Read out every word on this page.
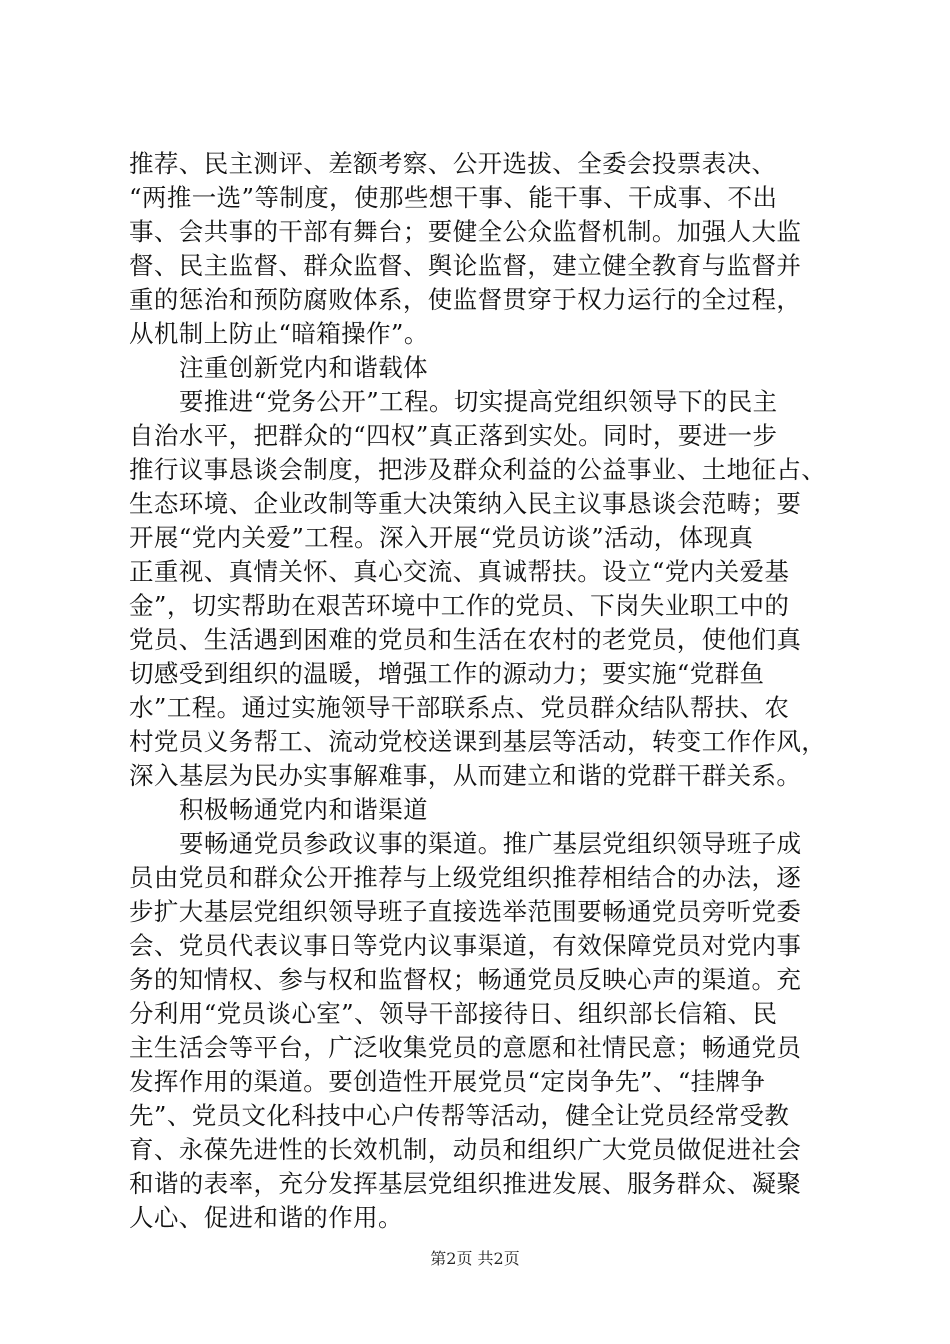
推荐、民主测评、差额考察、公开选拔、全委会投票表决、
“两推一选”等制度，使那些想干事、能干事、干成事、不出
事、会共事的干部有舞台；要健全公众监督机制。加强人大监
督、民主监督、群众监督、舆论监督，建立健全教育与监督并
重的惩治和预防腐败体系，使监督贯穿于权力运行的全过程，
从机制上防止“暗箱操作”。
注重创新党内和谐载体
要推进“党务公开”工程。切实提高党组织领导下的民主
自治水平，把群众的“四权”真正落到实处。同时，要进一步
推行议事恳谈会制度，把涉及群众利益的公益事业、土地征占、
生态环境、企业改制等重大决策纳入民主议事恳谈会范畴；要
开展“党内关爱”工程。深入开展“党员访谈”活动，体现真
正重视、真情关怀、真心交流、真诚帮扶。设立“党内关爱基
金”，切实帮助在艰苦环境中工作的党员、下岗失业职工中的
党员、生活遇到困难的党员和生活在农村的老党员，使他们真
切感受到组织的温暖，增强工作的源动力；要实施“党群鱼
水”工程。通过实施领导干部联系点、党员群众结队帮扶、农
村党员义务帮工、流动党校送课到基层等活动，转变工作作风，
深入基层为民办实事解难事，从而建立和谐的党群干群关系。
积极畅通党内和谐渠道
要畅通党员参政议事的渠道。推广基层党组织领导班子成
员由党员和群众公开推荐与上级党组织推荐相结合的办法，逐
步扩大基层党组织领导班子直接选举范围要畅通党员旁听党委
会、党员代表议事日等党内议事渠道，有效保障党员对党内事
务的知情权、参与权和监督权；畅通党员反映心声的渠道。充
分利用“党员谈心室”、领导干部接待日、组织部长信箱、民
主生活会等平台，广泛收集党员的意愿和社情民意；畅通党员
发挥作用的渠道。要创造性开展党员“定岗争先”、“挂牌争
先”、党员文化科技中心户传帮等活动，健全让党员经常受教
育、永葆先进性的长效机制，动员和组织广大党员做促进社会
和谐的表率，充分发挥基层党组织推进发展、服务群众、凝聚
人心、促进和谐的作用。
第2页 共2页
